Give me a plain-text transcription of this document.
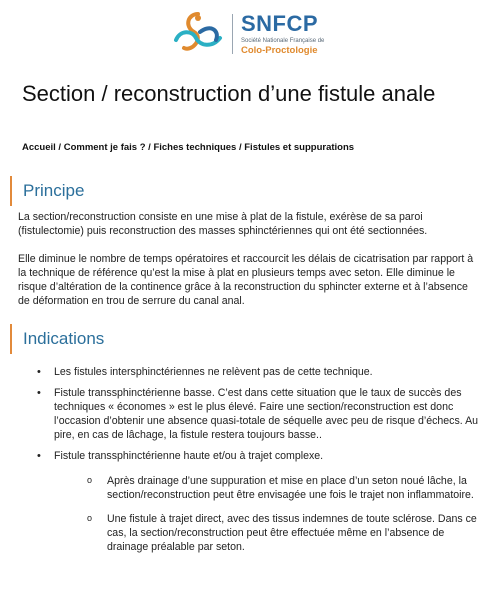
SNFCP
Société Nationale Française de
Colo-Proctologie
Section / reconstruction d’une fistule anale
Accueil / Comment je fais ? / Fiches techniques / Fistules et suppurations
Principe

La section/reconstruction consiste en une mise à plat de la fistule, exérèse de sa paroi (fistulectomie) puis reconstruction des masses sphinctériennes qui ont été sectionnées.

Elle diminue le nombre de temps opératoires et raccourcit les délais de cicatrisation par rapport à la technique de référence qu’est la mise à plat en plusieurs temps avec seton. Elle diminue le risque d’altération de la continence grâce à la reconstruction du sphincter externe et à l’absence de déformation en trou de serrure du canal anal.

Indications
• Les fistules intersphinctériennes ne relèvent pas de cette technique.
• Fistule transsphinctérienne basse. C’est dans cette situation que le taux de succès des techniques « économes » est le plus élevé. Faire une section/reconstruction est donc l’occasion d’obtenir une absence quasi-totale de séquelle avec peu de risque d’échecs. Au pire, en cas de lâchage, la fistule restera toujours basse..
• Fistule transsphinctérienne haute et/ou à trajet complexe.
o Après drainage d’une suppuration et mise en place d’un seton noué lâche, la section/reconstruction peut être envisagée une fois le trajet non inflammatoire.
o Une fistule à trajet direct, avec des tissus indemnes de toute sclérose. Dans ce cas, la section/reconstruction peut être effectuée même en l’absence de drainage préalable par seton.
